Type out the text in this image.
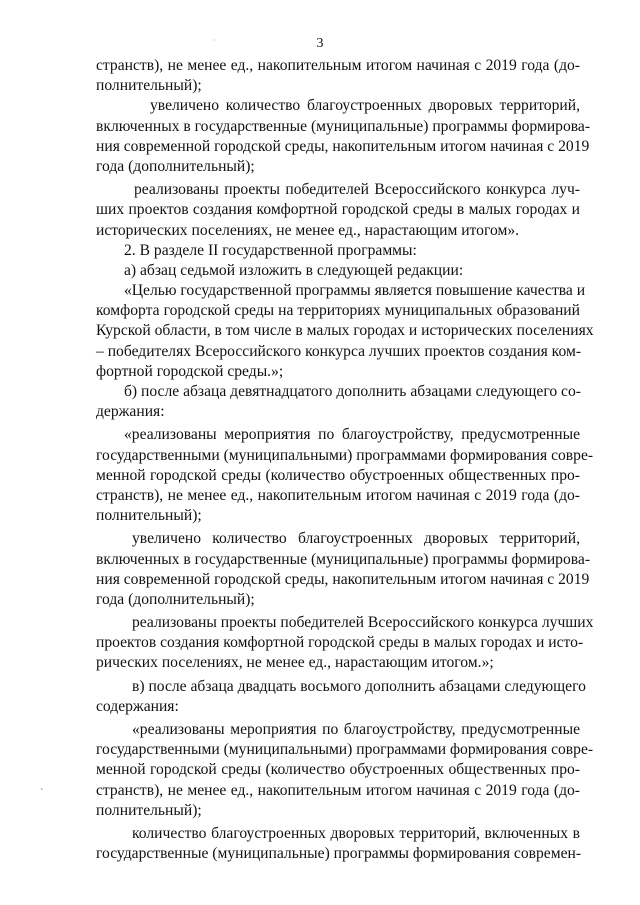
3
·
странств), не менее ед., накопительным итогом начиная с 2019 года (до-
полнительный);
увеличено количество благоустроенных дворовых территорий,
включенных в государственные (муниципальные) программы формирова-
ния современной городской среды, накопительным итогом начиная с 2019
года (дополнительный);
реализованы проекты победителей Всероссийского конкурса луч-
ших проектов создания комфортной городской среды в малых городах и
исторических поселениях, не менее ед., нарастающим итогом».
2. В разделе II государственной программы:
а) абзац седьмой изложить в следующей редакции:
«Целью государственной программы является повышение качества и
комфорта городской среды на территориях муниципальных образований
Курской области, в том числе в малых городах и исторических поселениях
– победителях Всероссийского конкурса лучших проектов создания ком-
фортной городской среды.»;
б) после абзаца девятнадцатого дополнить абзацами следующего со-
держания:
«реализованы мероприятия по благоустройству, предусмотренные
государственными (муниципальными) программами формирования совре-
менной городской среды (количество обустроенных общественных про-
странств), не менее ед., накопительным итогом начиная с 2019 года (до-
полнительный);
увеличено количество благоустроенных дворовых территорий,
включенных в государственные (муниципальные) программы формирова-
ния современной городской среды, накопительным итогом начиная с 2019
года (дополнительный);
реализованы проекты победителей Всероссийского конкурса лучших
проектов создания комфортной городской среды в малых городах и исто-
рических поселениях, не менее ед., нарастающим итогом.»;
в) после абзаца двадцать восьмого дополнить абзацами следующего
содержания:
«реализованы мероприятия по благоустройству, предусмотренные
государственными (муниципальными) программами формирования совре-
менной городской среды (количество обустроенных общественных про-
странств), не менее ед., накопительным итогом начиная с 2019 года (до-
полнительный);
количество благоустроенных дворовых территорий, включенных в
государственные (муниципальные) программы формирования современ-
`
